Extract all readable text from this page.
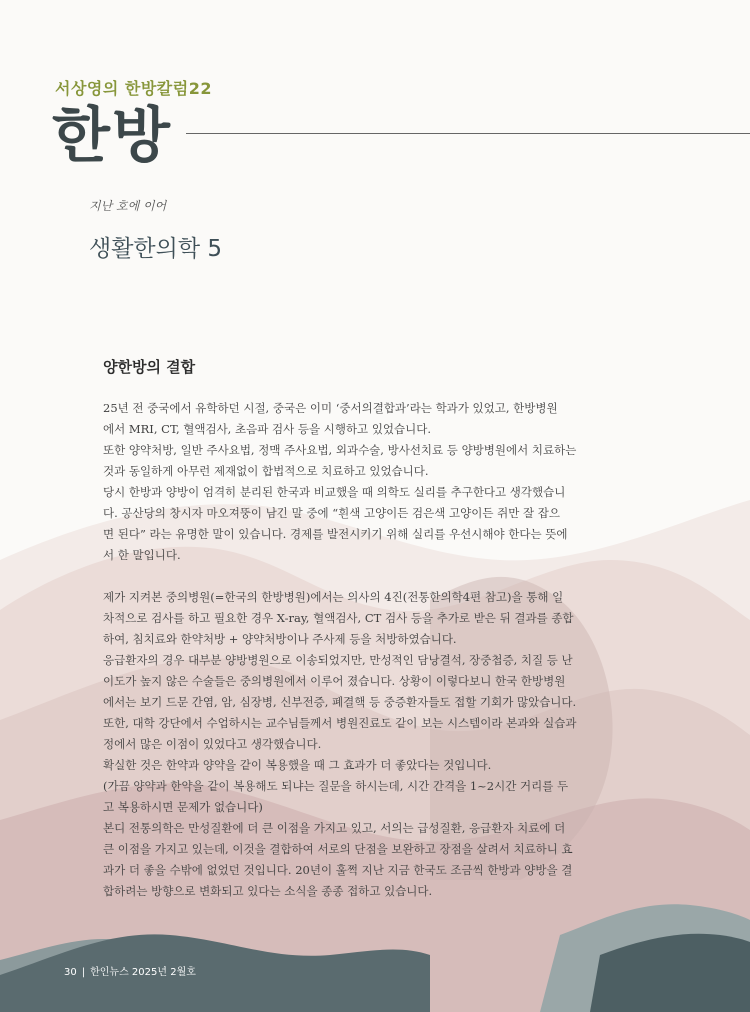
서상영의 한방칼럼22
한방
지난 호에 이어
생활한의학 5
양한방의 결합
25년 전 중국에서 유학하던 시절, 중국은 이미 ‘중서의결합과’라는 학과가 있었고, 한방병원
에서 MRI, CT, 혈액검사, 초음파 검사 등을 시행하고 있었습니다.
또한 양약처방, 일반 주사요법, 정맥 주사요법, 외과수술, 방사선치료 등 양방병원에서 치료하는
것과 동일하게 아무런 제재없이 합법적으로 치료하고 있었습니다.
당시 한방과 양방이 엄격히 분리된 한국과 비교했을 때 의학도 실리를 추구한다고 생각했습니
다. 공산당의 창시자 마오져뚱이 남긴 말 중에 “흰색 고양이든 검은색 고양이든 쥐만 잘 잡으
면 된다” 라는 유명한 말이 있습니다. 경제를 발전시키기 위해 실리를 우선시해야 한다는 뜻에
서 한 말입니다.
제가 지켜본 중의병원(=한국의 한방병원)에서는 의사의 4진(전통한의학4편 참고)을 통해 일
차적으로 검사를 하고 필요한 경우 X-ray, 혈액검사, CT 검사 등을 추가로 받은 뒤 결과를 종합
하여, 침치료와 한약처방 + 양약처방이나 주사제 등을 처방하였습니다.
응급환자의 경우 대부분 양방병원으로 이송되었지만, 만성적인 담낭결석, 장중첩증, 치질 등 난
이도가 높지 않은 수술들은 중의병원에서 이루어 졌습니다. 상황이 이렇다보니 한국 한방병원
에서는 보기 드문 간염, 암, 심장병, 신부전증, 폐결핵 등 중증환자들도 접할 기회가 많았습니다.
또한, 대학 강단에서 수업하시는 교수님들께서 병원진료도 같이 보는 시스템이라 본과와 실습과
정에서 많은 이점이 있었다고 생각했습니다.
확실한 것은 한약과 양약을 같이 복용했을 때 그 효과가 더 좋았다는 것입니다.
(가끔 양약과 한약을 같이 복용해도 되냐는 질문을 하시는데, 시간 간격을 1~2시간 거리를 두
고 복용하시면 문제가 없습니다)
본디 전통의학은 만성질환에 더 큰 이점을 가지고 있고, 서의는 급성질환, 응급환자 치료에 더
큰 이점을 가지고 있는데, 이것을 결합하여 서로의 단점을 보완하고 장점을 살려서 치료하니 효
과가 더 좋을 수밖에 없었던 것입니다. 20년이 훌쩍 지난 지금 한국도 조금씩 한방과 양방을 결
합하려는 방향으로 변화되고 있다는 소식을 종종 접하고 있습니다.
30 | 한인뉴스 2025년 2월호
